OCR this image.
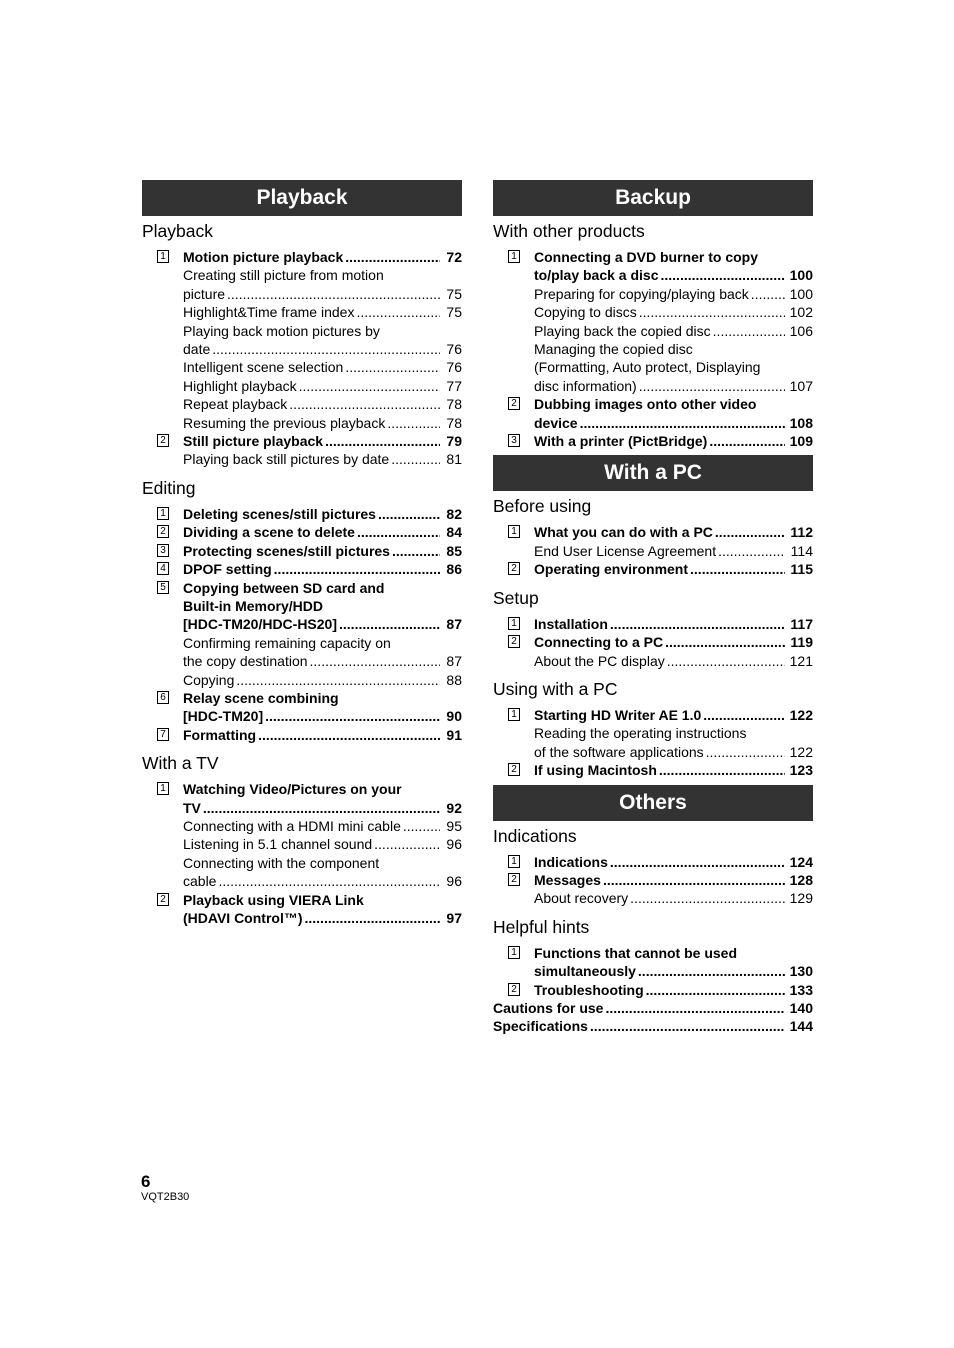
Playback
Playback
1 Motion picture playback .....	72
Creating still picture from motion
picture .....	75
Highlight&Time frame index .....	75
Playing back motion pictures by
date .....	76
Intelligent scene selection .....	76
Highlight playback .....	77
Repeat playback .....	78
Resuming the previous playback .....	78
2 Still picture playback .....	79
Playing back still pictures by date .....	81
Editing
1 Deleting scenes/still pictures .....	82
2 Dividing a scene to delete .....	84
3 Protecting scenes/still pictures .....	85
4 DPOF setting .....	86
5 Copying between SD card and
Built-in Memory/HDD
[HDC-TM20/HDC-HS20] .....	87
Confirming remaining capacity on
the copy destination .....	87
Copying .....	88
6 Relay scene combining
[HDC-TM20] .....	90
7 Formatting .....	91
With a TV
1 Watching Video/Pictures on your
TV .....	92
Connecting with a HDMI mini cable .....	95
Listening in 5.1 channel sound .....	96
Connecting with the component
cable .....	96
2 Playback using VIERA Link
(HDAVI Control™) .....	97
Backup
With other products
1 Connecting a DVD burner to copy
to/play back a disc .....	100
Preparing for copying/playing back .....	100
Copying to discs .....	102
Playing back the copied disc .....	106
Managing the copied disc
(Formatting, Auto protect, Displaying
disc information) .....	107
2 Dubbing images onto other video
device .....	108
3 With a printer (PictBridge) .....	109
With a PC
Before using
1 What you can do with a PC .....	112
End User License Agreement .....	114
2 Operating environment .....	115
Setup
1 Installation .....	117
2 Connecting to a PC .....	119
About the PC display .....	121
Using with a PC
1 Starting HD Writer AE 1.0 .....	122
Reading the operating instructions
of the software applications .....	122
2 If using Macintosh .....	123
Others
Indications
1 Indications .....	124
2 Messages .....	128
About recovery .....	129
Helpful hints
1 Functions that cannot be used
simultaneously .....	130
2 Troubleshooting .....	133
Cautions for use .....	140
Specifications .....	144
6
VQT2B30
